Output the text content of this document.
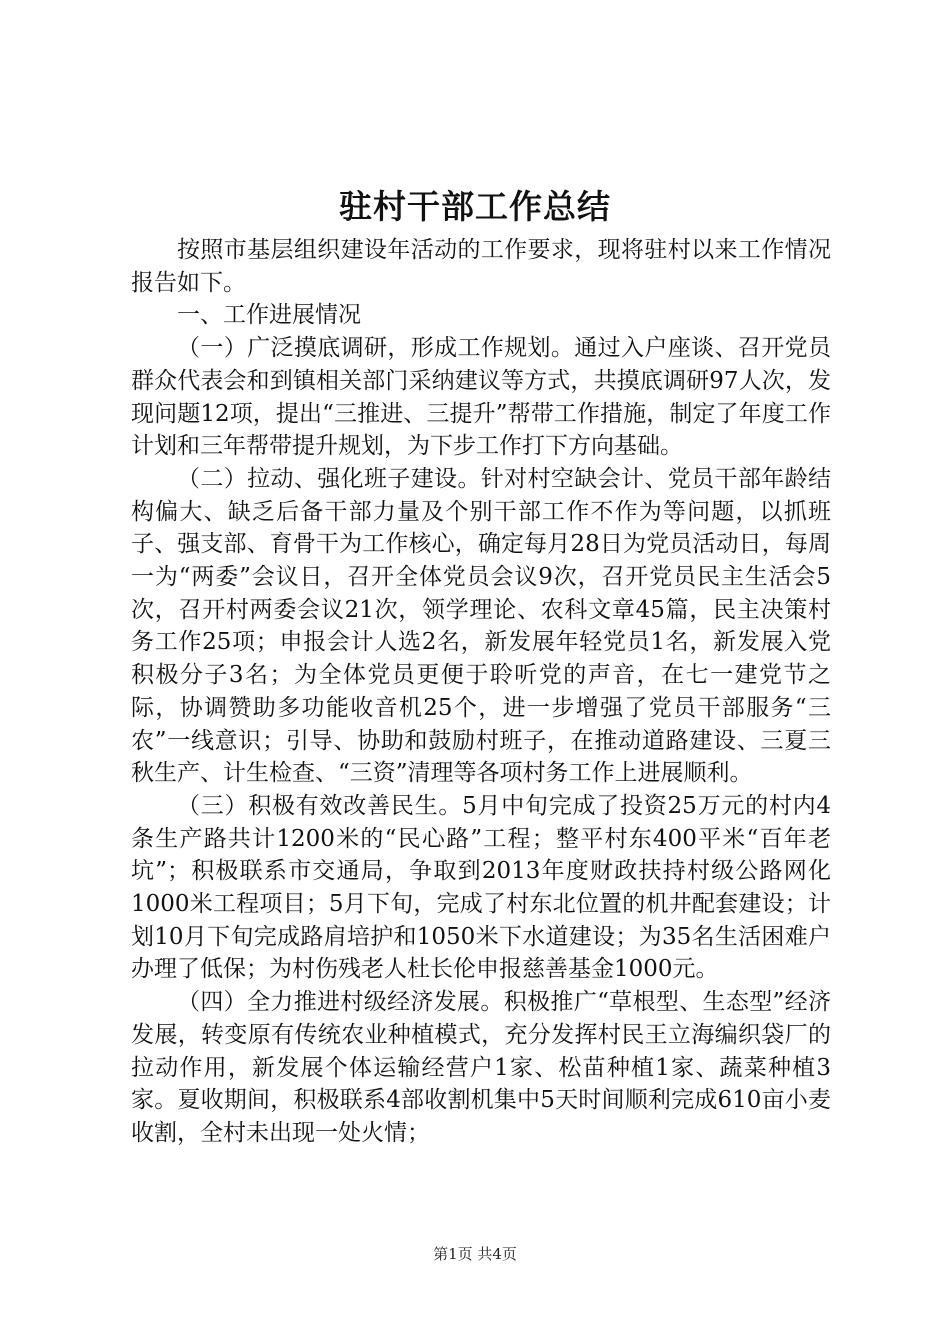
驻村干部工作总结

按照市基层组织建设年活动的工作要求，现将驻村以来工作情况报告如下。

一、工作进展情况

（一）广泛摸底调研，形成工作规划。通过入户座谈、召开党员群众代表会和到镇相关部门采纳建议等方式，共摸底调研97人次，发现问题12项，提出“三推进、三提升”帮带工作措施，制定了年度工作计划和三年帮带提升规划，为下步工作打下方向基础。

（二）拉动、强化班子建设。针对村空缺会计、党员干部年龄结构偏大、缺乏后备干部力量及个别干部工作不作为等问题，以抓班子、强支部、育骨干为工作核心，确定每月28日为党员活动日，每周一为“两委”会议日，召开全体党员会议9次，召开党员民主生活会5次，召开村两委会议21次，领学理论、农科文章45篇，民主决策村务工作25项；申报会计人选2名，新发展年轻党员1名，新发展入党积极分子3名；为全体党员更便于聆听党的声音，在七一建党节之际，协调赞助多功能收音机25个，进一步增强了党员干部服务“三农”一线意识；引导、协助和鼓励村班子，在推动道路建设、三夏三秋生产、计生检查、“三资”清理等各项村务工作上进展顺利。

（三）积极有效改善民生。5月中旬完成了投资25万元的村内4条生产路共计1200米的“民心路”工程；整平村东400平米“百年老坑”；积极联系市交通局，争取到2013年度财政扶持村级公路网化1000米工程项目；5月下旬，完成了村东北位置的机井配套建设；计划10月下旬完成路肩培护和1050米下水道建设；为35名生活困难户办理了低保；为村伤残老人杜长伦申报慈善基金1000元。

（四）全力推进村级经济发展。积极推广“草根型、生态型”经济发展，转变原有传统农业种植模式，充分发挥村民王立海编织袋厂的拉动作用，新发展个体运输经营户1家、松苗种植1家、蔬菜种植3家。夏收期间，积极联系4部收割机集中5天时间顺利完成610亩小麦收割，全村未出现一处火情；

第1页 共4页
